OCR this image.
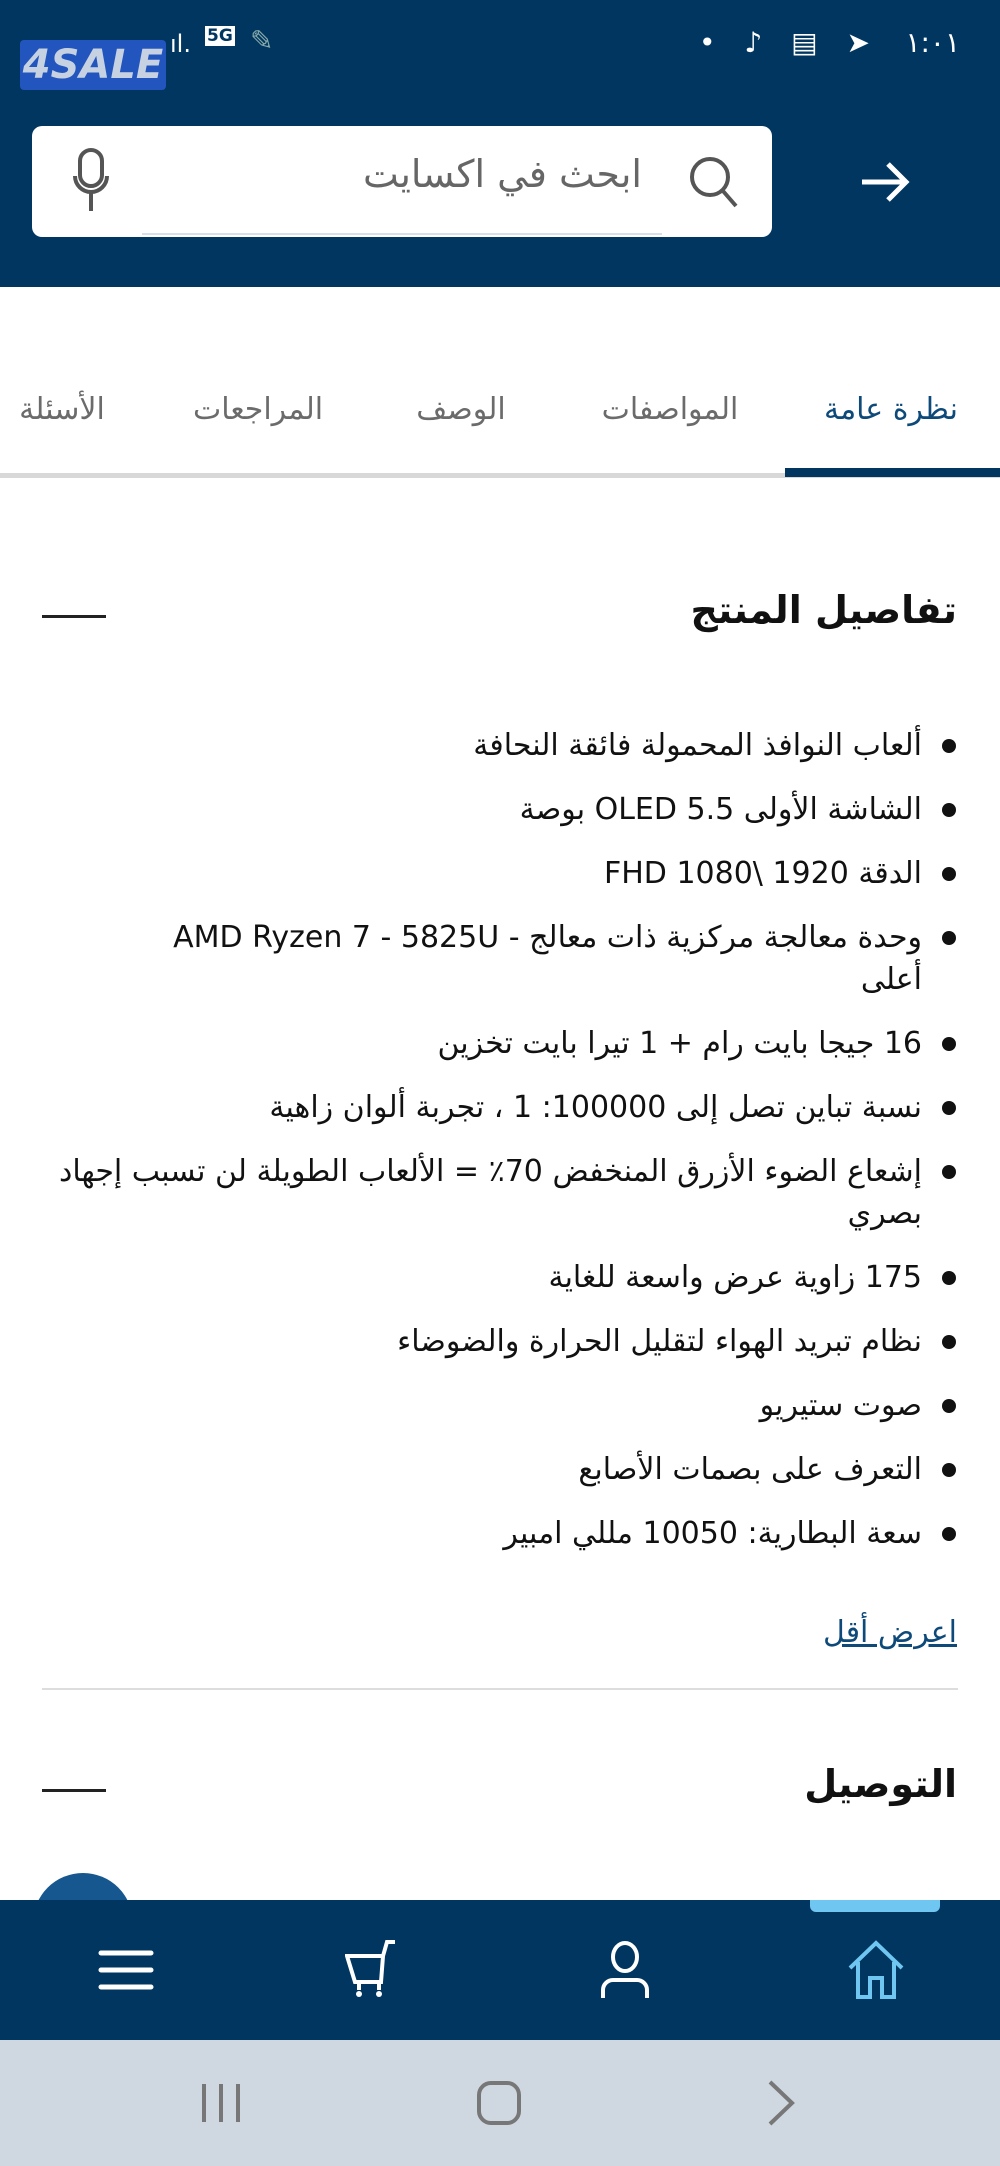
4SALE ıl. 5G ✎	• ♪ ▤ ➤ ١:٠١
ابحث في اكسايت
نظرة عامة
المواصفات
الوصف
المراجعات
الأسئلة
تفاصيل المنتج
ألعاب النوافذ المحمولة فائقة النحافة
الشاشة الأولى OLED 5.5 بوصة
الدقة 1920 \1080 FHD
وحدة معالجة مركزية ذات معالج - AMD Ryzen 7 - 5825U أعلى
16 جيجا بايت رام + 1 تيرا بايت تخزين
نسبة تباين تصل إلى 100000: 1 ، تجربة ألوان زاهية
إشعاع الضوء الأزرق المنخفض 70٪ = الألعاب الطويلة لن تسبب إجهاد بصري
175 زاوية عرض واسعة للغاية
نظام تبريد الهواء لتقليل الحرارة والضوضاء
صوت ستيريو
التعرف على بصمات الأصابع
سعة البطارية: 10050 مللي امبير
اعرض أقل
التوصيل
